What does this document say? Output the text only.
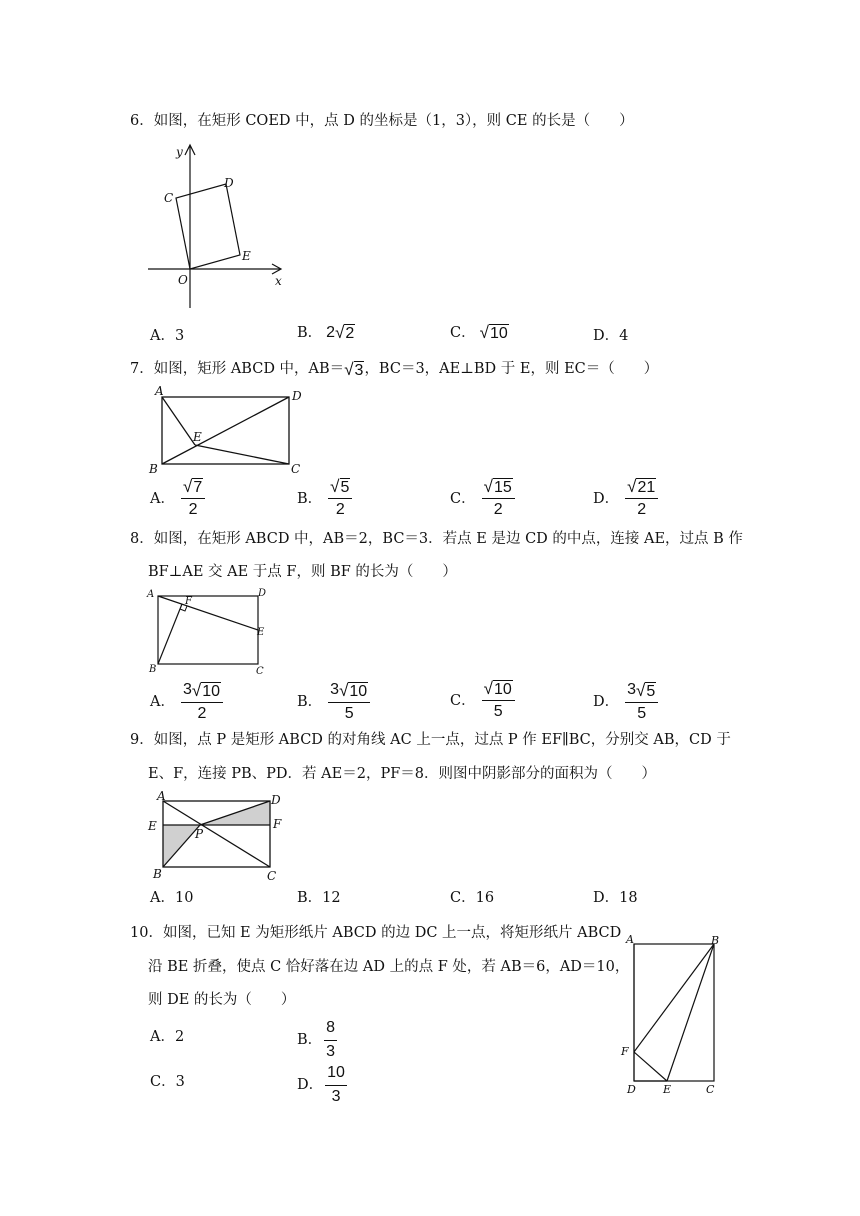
6．如图，在矩形 COED 中，点 D 的坐标是（1，3），则 CE 的长是（　　）
y
x
O
C
D
E
A． 3	B． 2 √ 2	C． √ 10	D． 4
7．如图，矩形 ABCD 中，AB＝ √ 3 ，BC＝3，AE⊥BD 于 E，则 EC＝（　　）
A	D
B	C
E
A． $\frac{√ 7}{2}$	B． $\frac{√ 5}{2}$	C． $\frac{√ 15}{2}$	D． $\frac{√ 21}{2}$
8．如图，在矩形 ABCD 中，AB＝2，BC＝3．若点 E 是边 CD 的中点，连接 AE，过点 B 作
BF⊥AE 交 AE 于点 F，则 BF 的长为（　　）
A	D
F
E
B	C
A． $\frac{3 √ 10}{2}$	B． $\frac{3 √ 10}{5}$	C． $\frac{√ 10}{5}$	D． $\frac{3 √ 5}{5}$
9．如图，点 P 是矩形 ABCD 的对角线 AC 上一点，过点 P 作 EF∥BC，分别交 AB，CD 于
E、F，连接 PB、PD．若 AE＝2，PF＝8．则图中阴影部分的面积为（　　）
A	D
E	F
P
B	C
A． 10	B． 12	C． 16	D． 18
10．如图，已知 E 为矩形纸片 ABCD 的边 DC 上一点，将矩形纸片 ABCD
沿 BE 折叠，使点 C 恰好落在边 AD 上的点 F 处，若 AB＝6，AD＝10，
则 DE 的长为（　　）
A． 2	B． $\frac{8}{3}$
C． 3	D． $\frac{10}{3}$
A	B
F
D E	C
